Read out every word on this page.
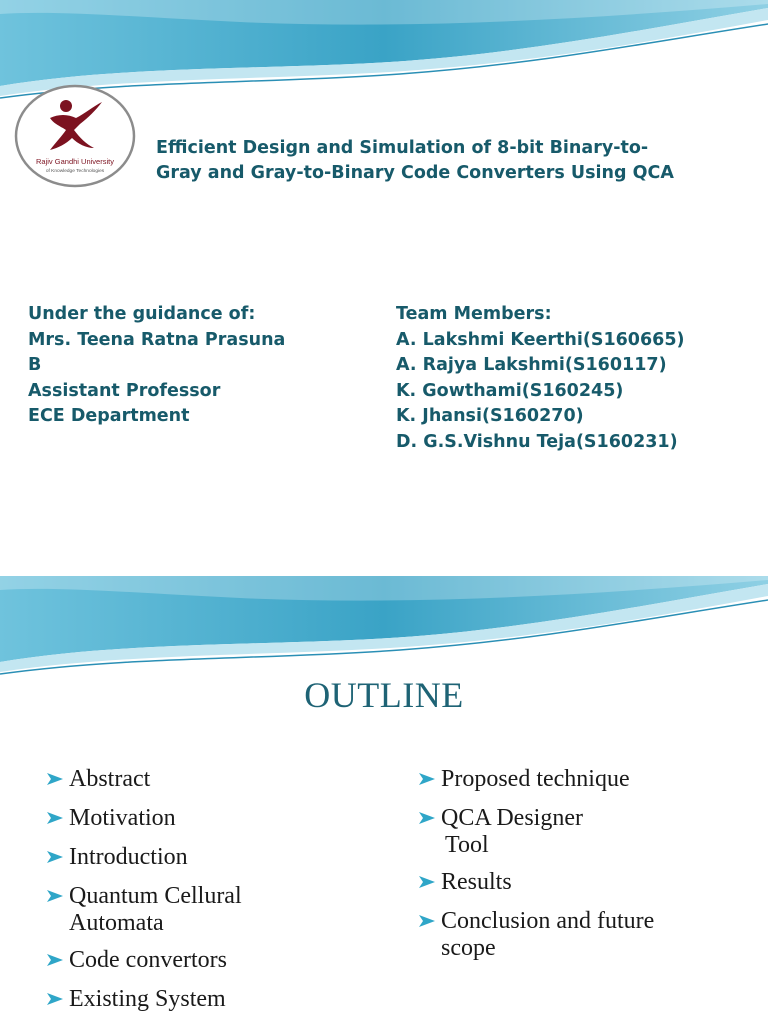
Rajiv Gandhi University
of Knowledge Technologies
Efficient Design and Simulation of 8-bit Binary-to-
Gray and Gray-to-Binary Code Converters Using QCA
Under the guidance of:
Mrs. Teena Ratna Prasuna
B
Assistant Professor
ECE Department
Team Members:
A. Lakshmi Keerthi(S160665)
A. Rajya Lakshmi(S160117)
K. Gowthami(S160245)
K. Jhansi(S160270)
D. G.S.Vishnu Teja(S160231)
OUTLINE
Abstract
Motivation
Introduction
Quantum Cellural
Automata
Code convertors
Existing System
Proposed technique
QCA Designer
Tool
Results
Conclusion and future
scope
